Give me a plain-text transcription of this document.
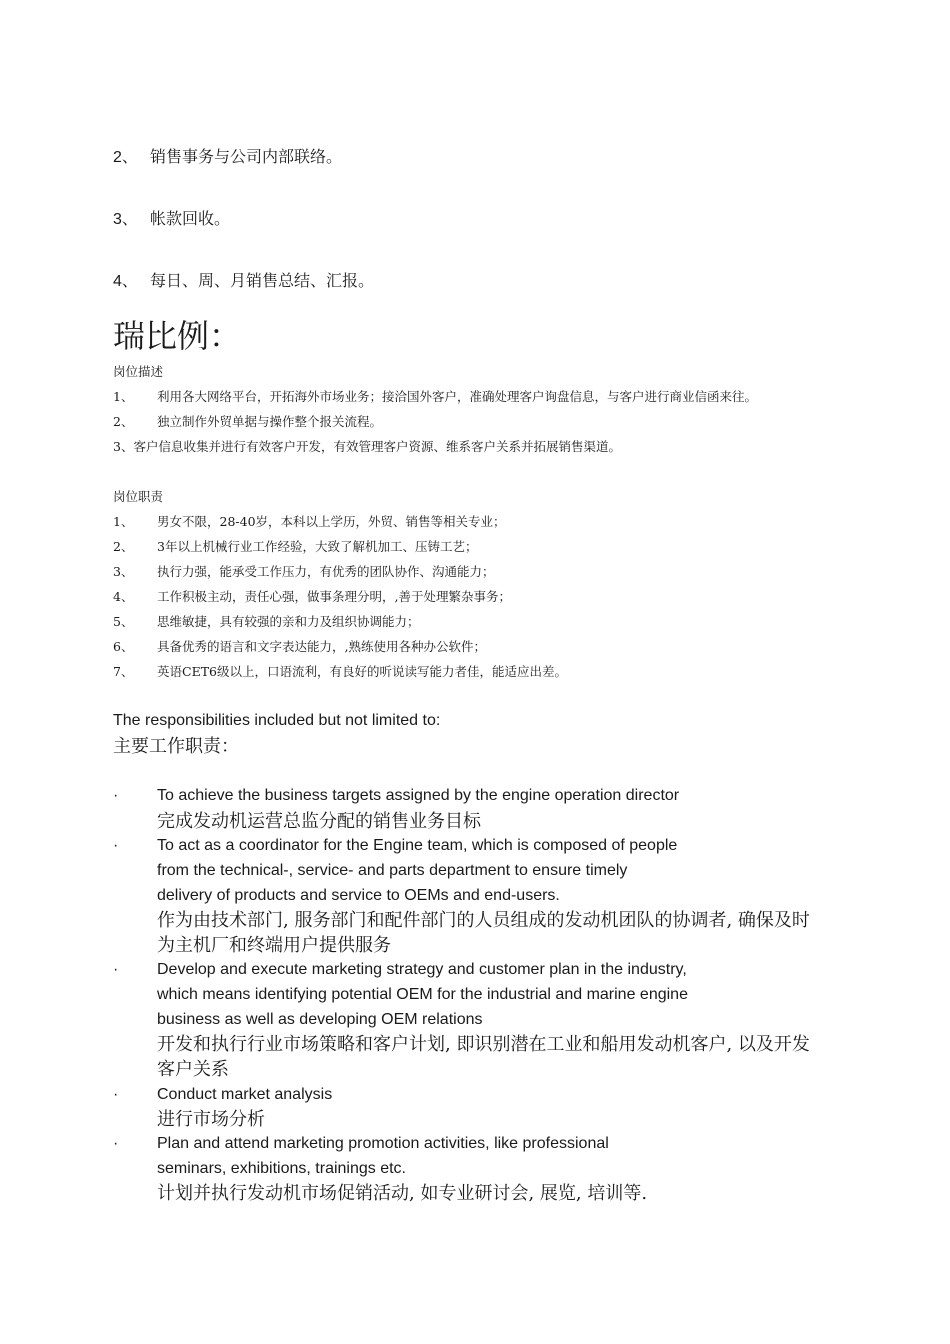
2、 销售事务与公司内部联络。
3、 帐款回收。
4、 每日、周、月销售总结、汇报。
瑞比例：
岗位描述
1、 利用各大网络平台，开拓海外市场业务；接洽国外客户，准确处理客户询盘信息，与客户进行商业信函来往。
2、 独立制作外贸单据与操作整个报关流程。
3、客户信息收集并进行有效客户开发，有效管理客户资源、维系客户关系并拓展销售渠道。
岗位职责
1、 男女不限，28-40岁，本科以上学历，外贸、销售等相关专业；
2、 3年以上机械行业工作经验，大致了解机加工、压铸工艺；
3、 执行力强，能承受工作压力，有优秀的团队协作、沟通能力；
4、 工作积极主动，责任心强，做事条理分明，,善于处理繁杂事务；
5、 思维敏捷，具有较强的亲和力及组织协调能力；
6、 具备优秀的语言和文字表达能力，,熟练使用各种办公软件；
7、 英语CET6级以上，口语流利，有良好的听说读写能力者佳，能适应出差。
The responsibilities included but not limited to:
主要工作职责：
· To achieve the business targets assigned by the engine operation director
完成发动机运营总监分配的销售业务目标
· To act as a coordinator for the Engine team, which is composed of people
from the technical-, service- and parts department to ensure timely
delivery of products and service to OEMs and end-users.
作为由技术部门, 服务部门和配件部门的人员组成的发动机团队的协调者, 确保及时
为主机厂和终端用户提供服务
· Develop and execute marketing strategy and customer plan in the industry,
which means identifying potential OEM for the industrial and marine engine
business as well as developing OEM relations
开发和执行行业市场策略和客户计划, 即识别潜在工业和船用发动机客户, 以及开发
客户关系
· Conduct market analysis
进行市场分析
· Plan and attend marketing promotion activities, like professional
seminars, exhibitions, trainings etc.
计划并执行发动机市场促销活动, 如专业研讨会, 展览, 培训等.
